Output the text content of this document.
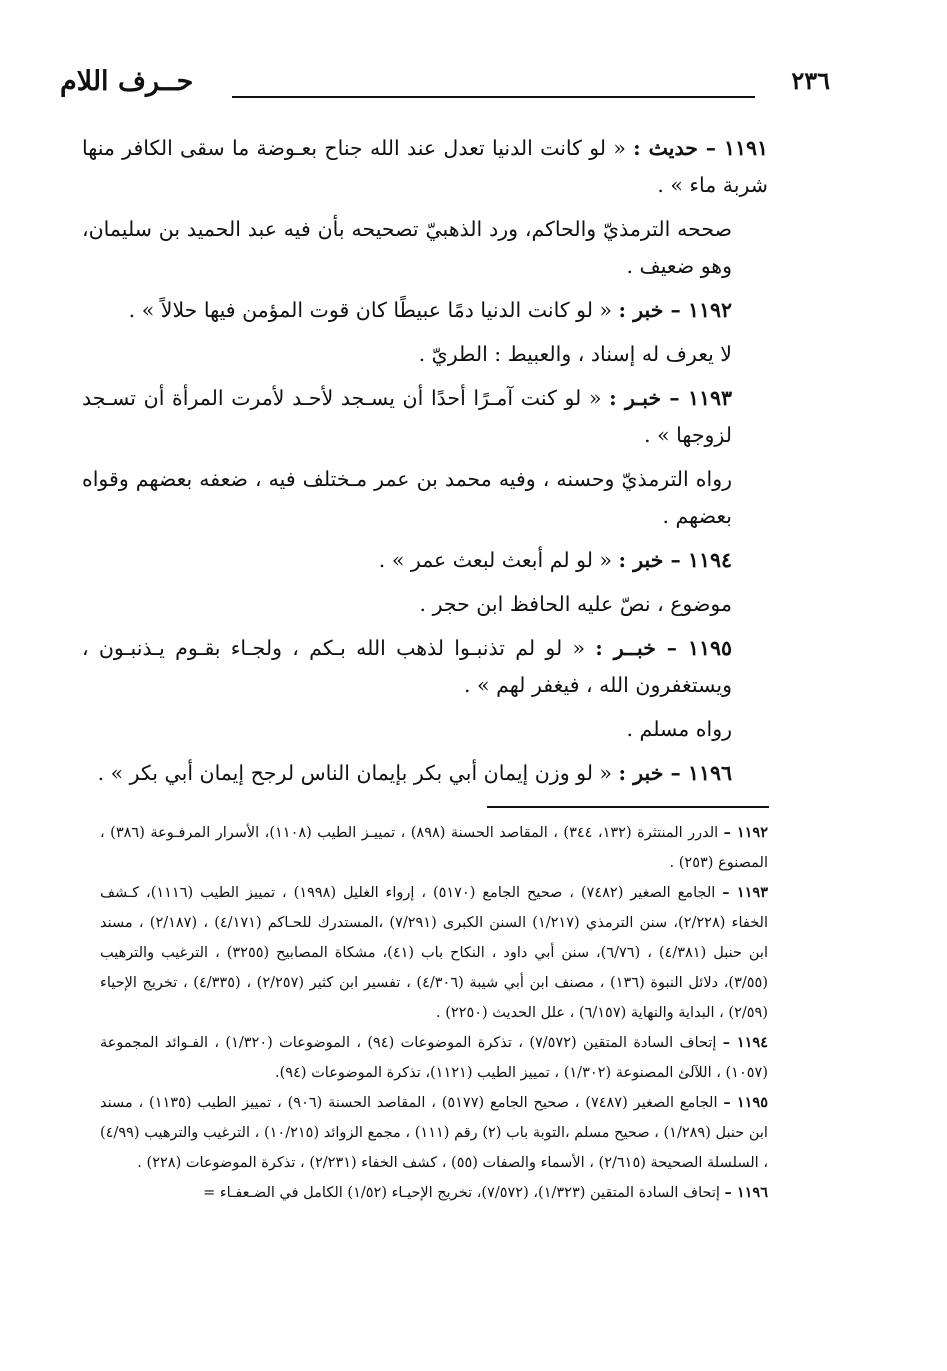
٢٣٦
حــرف اللام

١١٩١ – حديث : « لو كانت الدنيا تعدل عند الله جناح بعـوضة ما سقى الكافر منها شربة ماء » .

صححه الترمذيّ والحاكم، ورد الذهبيّ تصحيحه بأن فيه عبد الحميد بن سليمان، وهو ضعيف .

١١٩٢ – خبر : « لو كانت الدنيا دمًا عبيطًا كان قوت المؤمن فيها حلالاً » .

لا يعرف له إسناد ، والعبيط : الطريّ .

١١٩٣ – خبـر : « لو كنت آمـرًا أحدًا أن يسـجد لأحـد لأمرت المرأة أن تسـجد لزوجها » .

رواه الترمذيّ وحسنه ، وفيه محمد بن عمر مـختلف فيه ، ضعفه بعضهم وقواه بعضهم .

١١٩٤ – خبر : « لو لم أبعث لبعث عمر » .

موضوع ، نصّ عليه الحافظ ابن حجر .

١١٩٥ – خبــر : « لو لم تذنبـوا لذهب الله بـكم ، ولجـاء بقـوم يـذنبـون ، ويستغفرون الله ، فيغفر لهم » .

رواه مسلم .

١١٩٦ – خبر : « لو وزن إيمان أبي بكر بإيمان الناس لرجح إيمان أبي بكر » .

١١٩٢ – الدرر المنتثرة (١٣٢، ٣٤٤) ، المقاصد الحسنة (٨٩٨) ، تمييـز الطيب (١١٠٨)، الأسرار المرفـوعة (٣٨٦) ، المصنوع (٢٥٣) .

١١٩٣ – الجامع الصغير (٧٤٨٢) ، صحيح الجامع (٥١٧٠) ، إرواء الغليل (١٩٩٨) ، تمييز الطيب (١١١٦)، كـشف الخفاء (٢/٢٢٨)، سنن الترمذي (١/٢١٧) السنن الكبرى (٧/٢٩١) ،المستدرك للحـاكم (٤/١٧١) ، (٢/١٨٧) ، مسند ابن حنبل (٤/٣٨١) ، (٦/٧٦)، سنن أبي داود ، النكاح باب (٤١)، مشكاة المصابيح (٣٢٥٥) ، الترغيب والترهيب (٣/٥٥)، دلائل النبوة (١٣٦) ، مصنف ابن أبي شيبة (٤/٣٠٦) ، تفسير ابن كثير (٢/٢٥٧) ، (٤/٣٣٥) ، تخريج الإحياء (٢/٥٩) ، البداية والنهاية (٦/١٥٧) ، علل الحديث (٢٢٥٠) .

١١٩٤ – إتحاف السادة المتقين (٧/٥٧٢) ، تذكرة الموضوعات (٩٤) ، الموضوعات (١/٣٢٠) ، الفـوائد المجموعة (١٠٥٧) ، اللآلئ المصنوعة (١/٣٠٢) ، تمييز الطيب (١١٢١)، تذكرة الموضوعات (٩٤).

١١٩٥ – الجامع الصغير (٧٤٨٧) ، صحيح الجامع (٥١٧٧) ، المقاصد الحسنة (٩٠٦) ، تمييز الطيب (١١٣٥) ، مسند ابن حنبل (١/٢٨٩) ، صحيح مسلم ،التوبة باب (٢) رقم (١١١) ، مجمع الزوائد (١٠/٢١٥) ، الترغيب والترهيب (٤/٩٩) ، السلسلة الصحيحة (٢/٦١٥) ، الأسماء والصفات (٥٥) ، كشف الخفاء (٢/٢٣١) ، تذكرة الموضوعات (٢٢٨) .

١١٩٦ – إتحاف السادة المتقين (١/٣٢٣)، (٧/٥٧٢)، تخريج الإحيـاء (١/٥٢) الكامل في الضـعفـاء =
